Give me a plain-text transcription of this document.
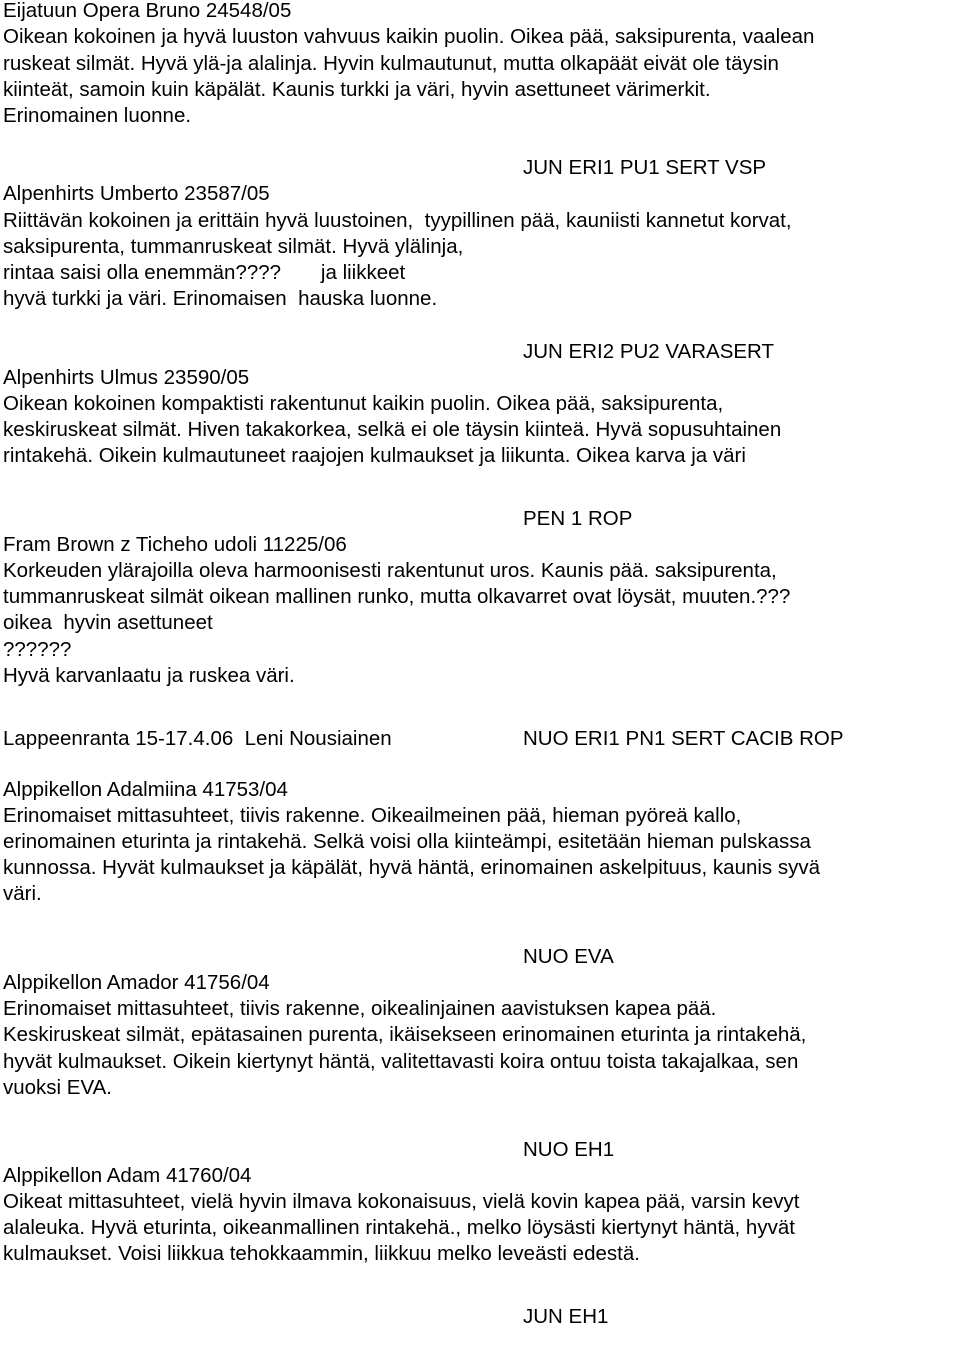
Eijatuun Opera Bruno 24548/05
Oikean kokoinen ja hyvä luuston vahvuus kaikin puolin. Oikea pää, saksipurenta, vaalean
ruskeat silmät. Hyvä ylä-ja alalinja. Hyvin kulmautunut, mutta olkapäät eivät ole täysin
kiinteät, samoin kuin käpälät. Kaunis turkki ja väri, hyvin asettuneet värimerkit.
Erinomainen luonne.
JUN ERI1 PU1 SERT VSP
Alpenhirts Umberto 23587/05
Riittävän kokoinen ja erittäin hyvä luustoinen,  tyypillinen pää, kauniisti kannetut korvat,
saksipurenta, tummanruskeat silmät. Hyvä ylälinja,
rintaa saisi olla enemmän????       ja liikkeet
hyvä turkki ja väri. Erinomaisen  hauska luonne.
JUN ERI2 PU2 VARASERT
Alpenhirts Ulmus 23590/05
Oikean kokoinen kompaktisti rakentunut kaikin puolin. Oikea pää, saksipurenta,
keskiruskeat silmät. Hiven takakorkea, selkä ei ole täysin kiinteä. Hyvä sopusuhtainen
rintakehä. Oikein kulmautuneet raajojen kulmaukset ja liikunta. Oikea karva ja väri
PEN 1 ROP
Fram Brown z Ticheho udoli 11225/06
Korkeuden ylärajoilla oleva harmoonisesti rakentunut uros. Kaunis pää. saksipurenta,
tummanruskeat silmät oikean mallinen runko, mutta olkavarret ovat löysät, muuten.???
oikea  hyvin asettuneet
??????
Hyvä karvanlaatu ja ruskea väri.
Lappeenranta 15-17.4.06  Leni Nousiainen	NUO ERI1 PN1 SERT CACIB ROP
Alppikellon Adalmiina 41753/04
Erinomaiset mittasuhteet, tiivis rakenne. Oikeailmeinen pää, hieman pyöreä kallo,
erinomainen eturinta ja rintakehä. Selkä voisi olla kiinteämpi, esitetään hieman pulskassa
kunnossa. Hyvät kulmaukset ja käpälät, hyvä häntä, erinomainen askelpituus, kaunis syvä
väri.
NUO EVA
Alppikellon Amador 41756/04
Erinomaiset mittasuhteet, tiivis rakenne, oikealinjainen aavistuksen kapea pää.
Keskiruskeat silmät, epätasainen purenta, ikäisekseen erinomainen eturinta ja rintakehä,
hyvät kulmaukset. Oikein kiertynyt häntä, valitettavasti koira ontuu toista takajalkaa, sen
vuoksi EVA.
NUO EH1
Alppikellon Adam 41760/04
Oikeat mittasuhteet, vielä hyvin ilmava kokonaisuus, vielä kovin kapea pää, varsin kevyt
alaleuka. Hyvä eturinta, oikeanmallinen rintakehä., melko löysästi kiertynyt häntä, hyvät
kulmaukset. Voisi liikkua tehokkaammin, liikkuu melko leveästi edestä.
JUN EH1
